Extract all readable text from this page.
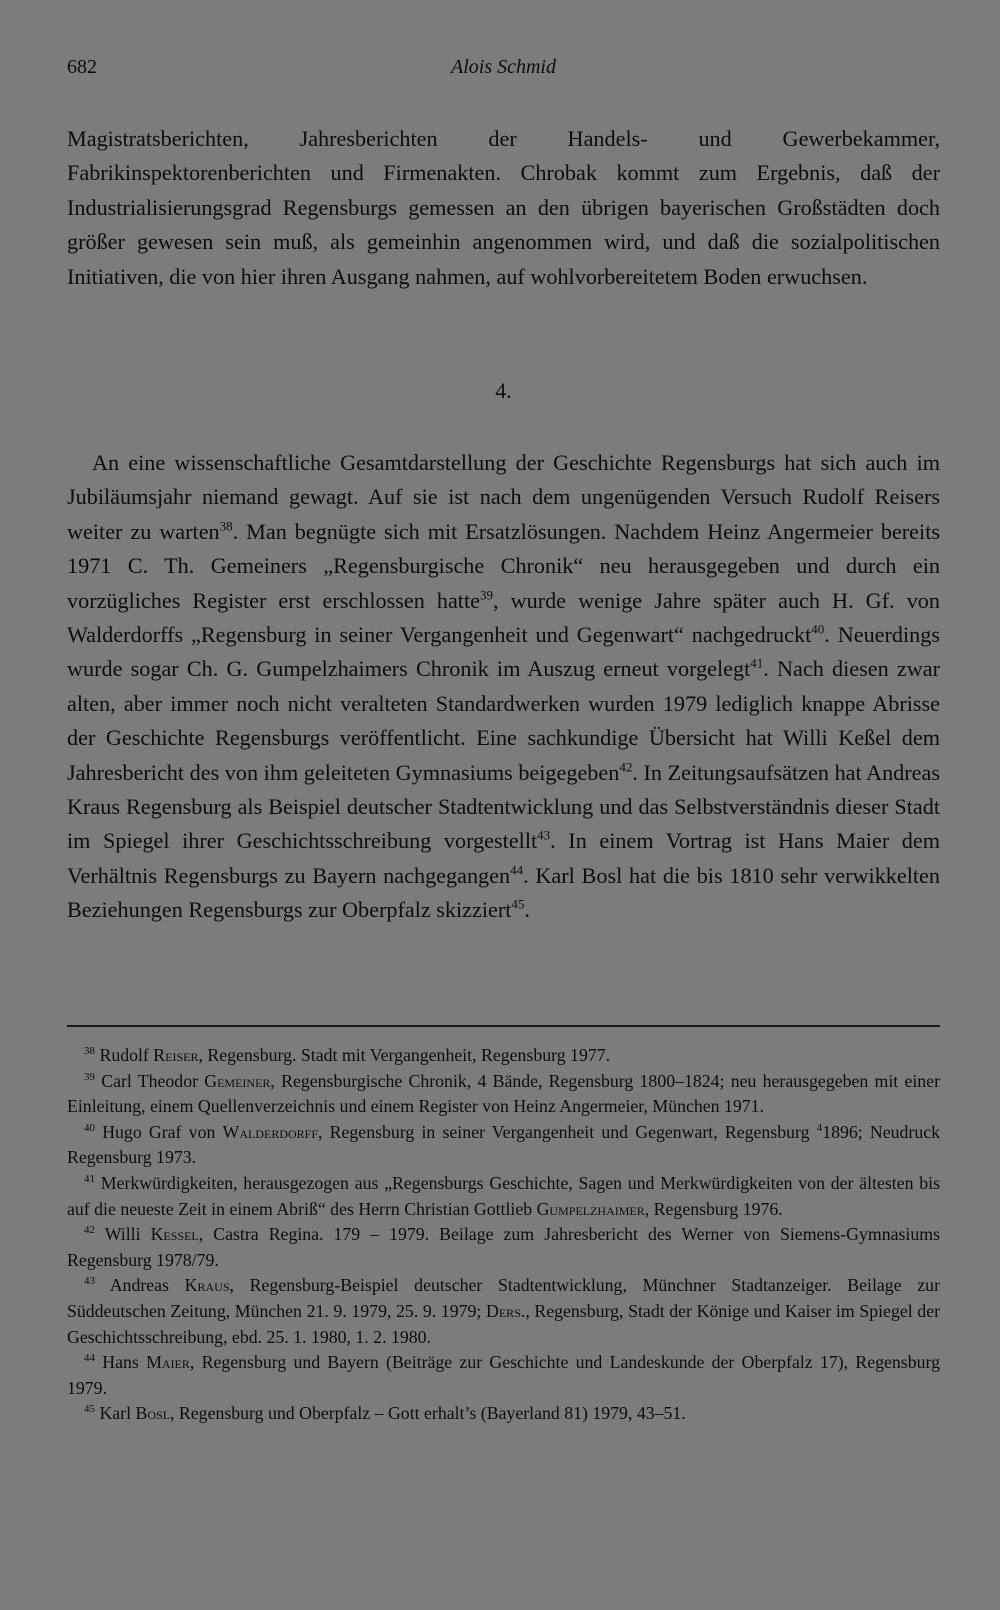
682	Alois Schmid

Magistratsberichten, Jahresberichten der Handels- und Gewerbekammer, Fabrikinspektorenberichten und Firmenakten. Chrobak kommt zum Ergebnis, daß der Industrialisierungsgrad Regensburgs gemessen an den übrigen bayerischen Großstädten doch größer gewesen sein muß, als gemeinhin angenommen wird, und daß die sozialpolitischen Initiativen, die von hier ihren Ausgang nahmen, auf wohlvorbereitetem Boden erwuchsen.

4.

An eine wissenschaftliche Gesamtdarstellung der Geschichte Regensburgs hat sich auch im Jubiläumsjahr niemand gewagt. Auf sie ist nach dem ungenügenden Versuch Rudolf Reisers weiter zu warten$^{38}$. Man begnügte sich mit Ersatzlösungen. Nachdem Heinz Angermeier bereits 1971 C. Th. Gemeiners „Regensburgische Chronik“ neu herausgegeben und durch ein vorzügliches Register erst erschlossen hatte$^{39}$, wurde wenige Jahre später auch H. Gf. von Walderdorffs „Regensburg in seiner Vergangenheit und Gegenwart“ nachgedruckt$^{40}$. Neuerdings wurde sogar Ch. G. Gumpelzhaimers Chronik im Auszug erneut vorgelegt$^{41}$. Nach diesen zwar alten, aber immer noch nicht veralteten Standardwerken wurden 1979 lediglich knappe Abrisse der Geschichte Regensburgs veröffentlicht. Eine sachkundige Übersicht hat Willi Keßel dem Jahresbericht des von ihm geleiteten Gymnasiums beigegeben$^{42}$. In Zeitungsaufsätzen hat Andreas Kraus Regensburg als Beispiel deutscher Stadtentwicklung und das Selbstverständnis dieser Stadt im Spiegel ihrer Geschichtsschreibung vorgestellt$^{43}$. In einem Vortrag ist Hans Maier dem Verhältnis Regensburgs zu Bayern nachgegangen$^{44}$. Karl Bosl hat die bis 1810 sehr verwikkelten Beziehungen Regensburgs zur Oberpfalz skizziert$^{45}$.

$^{38}$ Rudolf Reiser, Regensburg. Stadt mit Vergangenheit, Regensburg 1977.

$^{39}$ Carl Theodor Gemeiner, Regensburgische Chronik, 4 Bände, Regensburg 1800–1824; neu herausgegeben mit einer Einleitung, einem Quellenverzeichnis und einem Register von Heinz Angermeier, München 1971.

$^{40}$ Hugo Graf von Walderdorff, Regensburg in seiner Vergangenheit und Gegenwart, Regensburg $^4$1896; Neudruck Regensburg 1973.

$^{41}$ Merkwürdigkeiten, herausgezogen aus „Regensburgs Geschichte, Sagen und Merkwürdigkeiten von der ältesten bis auf die neueste Zeit in einem Abriß“ des Herrn Christian Gottlieb Gumpelzhaimer, Regensburg 1976.

$^{42}$ Willi Kessel, Castra Regina. 179 – 1979. Beilage zum Jahresbericht des Werner von Siemens-Gymnasiums Regensburg 1978/79.

$^{43}$ Andreas Kraus, Regensburg-Beispiel deutscher Stadtentwicklung, Münchner Stadtanzeiger. Beilage zur Süddeutschen Zeitung, München 21. 9. 1979, 25. 9. 1979; Ders., Regensburg, Stadt der Könige und Kaiser im Spiegel der Geschichtsschreibung, ebd. 25. 1. 1980, 1. 2. 1980.

$^{44}$ Hans Maier, Regensburg und Bayern (Beiträge zur Geschichte und Landeskunde der Oberpfalz 17), Regensburg 1979.

$^{45}$ Karl Bosl, Regensburg und Oberpfalz – Gott erhalt’s (Bayerland 81) 1979, 43–51.
